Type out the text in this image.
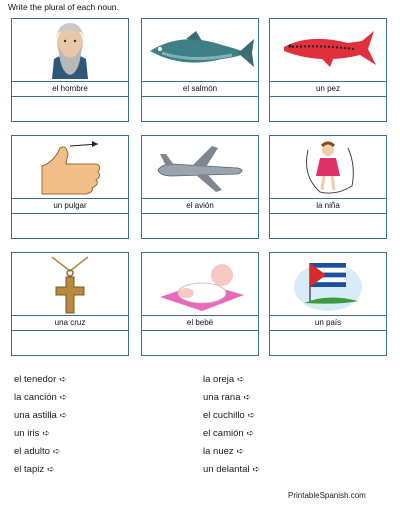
Write the plural of each noun.
el hombre	el salmón	un pez
un pulgar	el avión	la niña
una cruz	el bebé	un país
el tenedor ➪
la canción ➪
una astilla ➪
un iris ➪
el adulto ➪
el tapiz ➪
la oreja ➪
una rana ➪
el cuchillo ➪
el camión ➪
la nuez ➪
un delantal ➪
PrintableSpanish.com
